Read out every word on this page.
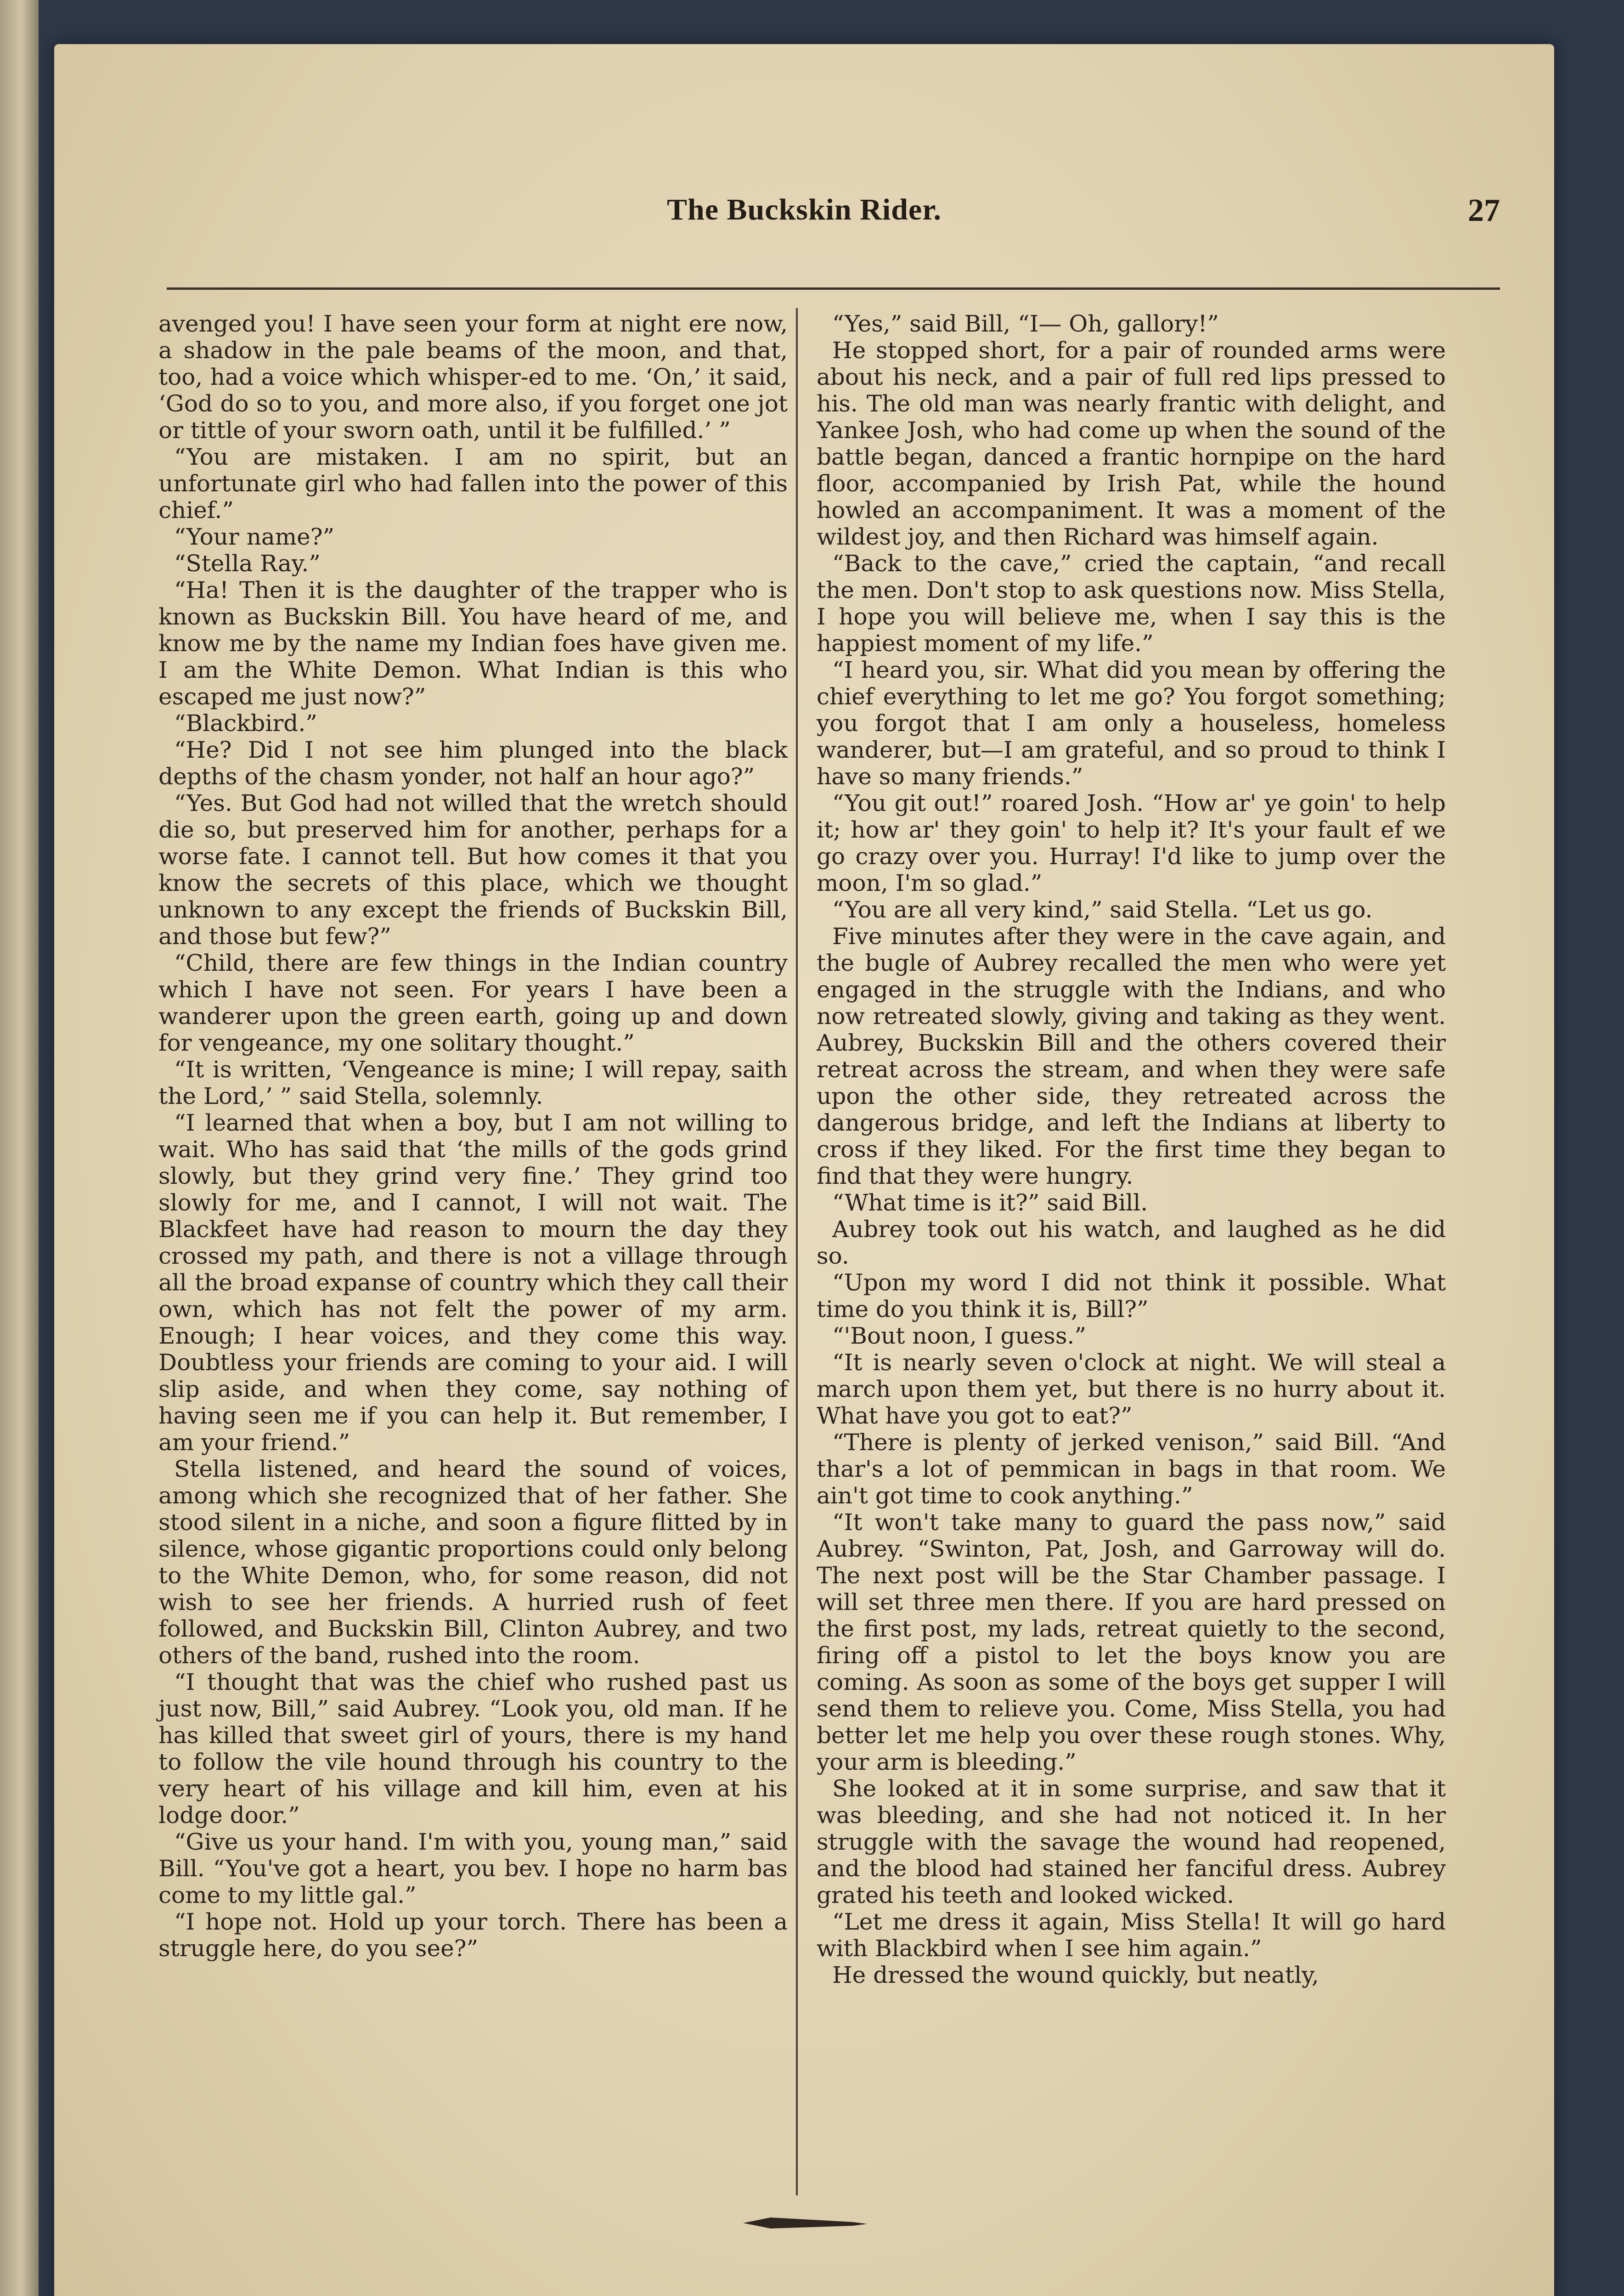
The Buckskin Rider.	27

avenged you! I have seen your form at night ere now, a shadow in the pale beams of the moon, and that, too, had a voice which whisper-ed to me. ‘On,’ it said, ‘God do so to you, and more also, if you forget one jot or tittle of your sworn oath, until it be fulfilled.’ ”

“You are mistaken. I am no spirit, but an unfortunate girl who had fallen into the power of this chief.”

“Your name?”

“Stella Ray.”

“Ha! Then it is the daughter of the trapper who is known as Buckskin Bill. You have heard of me, and know me by the name my Indian foes have given me. I am the White Demon. What Indian is this who escaped me just now?”

“Blackbird.”

“He? Did I not see him plunged into the black depths of the chasm yonder, not half an hour ago?”

“Yes. But God had not willed that the wretch should die so, but preserved him for another, perhaps for a worse fate. I cannot tell. But how comes it that you know the secrets of this place, which we thought unknown to any except the friends of Buckskin Bill, and those but few?”

“Child, there are few things in the Indian country which I have not seen. For years I have been a wanderer upon the green earth, going up and down for vengeance, my one solitary thought.”

“It is written, ‘Vengeance is mine; I will repay, saith the Lord,’ ” said Stella, solemnly.

“I learned that when a boy, but I am not willing to wait. Who has said that ‘the mills of the gods grind slowly, but they grind very fine.’ They grind too slowly for me, and I cannot, I will not wait. The Blackfeet have had reason to mourn the day they crossed my path, and there is not a village through all the broad expanse of country which they call their own, which has not felt the power of my arm. Enough; I hear voices, and they come this way. Doubtless your friends are coming to your aid. I will slip aside, and when they come, say nothing of having seen me if you can help it. But remember, I am your friend.”

Stella listened, and heard the sound of voices, among which she recognized that of her father. She stood silent in a niche, and soon a figure flitted by in silence, whose gigantic proportions could only belong to the White Demon, who, for some reason, did not wish to see her friends. A hurried rush of feet followed, and Buckskin Bill, Clinton Aubrey, and two others of the band, rushed into the room.

“I thought that was the chief who rushed past us just now, Bill,” said Aubrey. “Look you, old man. If he has killed that sweet girl of yours, there is my hand to follow the vile hound through his country to the very heart of his village and kill him, even at his lodge door.”

“Give us your hand. I'm with you, young man,” said Bill. “You've got a heart, you bev. I hope no harm bas come to my little gal.”

“I hope not. Hold up your torch. There has been a struggle here, do you see?”

“Yes,” said Bill, “I— Oh, gallory!”

He stopped short, for a pair of rounded arms were about his neck, and a pair of full red lips pressed to his. The old man was nearly frantic with delight, and Yankee Josh, who had come up when the sound of the battle began, danced a frantic hornpipe on the hard floor, accompanied by Irish Pat, while the hound howled an accompaniment. It was a moment of the wildest joy, and then Richard was himself again.

“Back to the cave,” cried the captain, “and recall the men. Don't stop to ask questions now. Miss Stella, I hope you will believe me, when I say this is the happiest moment of my life.”

“I heard you, sir. What did you mean by offering the chief everything to let me go? You forgot something; you forgot that I am only a houseless, homeless wanderer, but—I am grateful, and so proud to think I have so many friends.”

“You git out!” roared Josh. “How ar' ye goin' to help it; how ar' they goin' to help it? It's your fault ef we go crazy over you. Hurray! I'd like to jump over the moon, I'm so glad.”

“You are all very kind,” said Stella. “Let us go.

Five minutes after they were in the cave again, and the bugle of Aubrey recalled the men who were yet engaged in the struggle with the Indians, and who now retreated slowly, giving and taking as they went. Aubrey, Buckskin Bill and the others covered their retreat across the stream, and when they were safe upon the other side, they retreated across the dangerous bridge, and left the Indians at liberty to cross if they liked. For the first time they began to find that they were hungry.

“What time is it?” said Bill.

Aubrey took out his watch, and laughed as he did so.

“Upon my word I did not think it possible. What time do you think it is, Bill?”

“'Bout noon, I guess.”

“It is nearly seven o'clock at night. We will steal a march upon them yet, but there is no hurry about it. What have you got to eat?”

“There is plenty of jerked venison,” said Bill. “And thar's a lot of pemmican in bags in that room. We ain't got time to cook anything.”

“It won't take many to guard the pass now,” said Aubrey. “Swinton, Pat, Josh, and Garroway will do. The next post will be the Star Chamber passage. I will set three men there. If you are hard pressed on the first post, my lads, retreat quietly to the second, firing off a pistol to let the boys know you are coming. As soon as some of the boys get supper I will send them to relieve you. Come, Miss Stella, you had better let me help you over these rough stones. Why, your arm is bleeding.”

She looked at it in some surprise, and saw that it was bleeding, and she had not noticed it. In her struggle with the savage the wound had reopened, and the blood had stained her fanciful dress. Aubrey grated his teeth and looked wicked.

“Let me dress it again, Miss Stella! It will go hard with Blackbird when I see him again.”

He dressed the wound quickly, but neatly,
